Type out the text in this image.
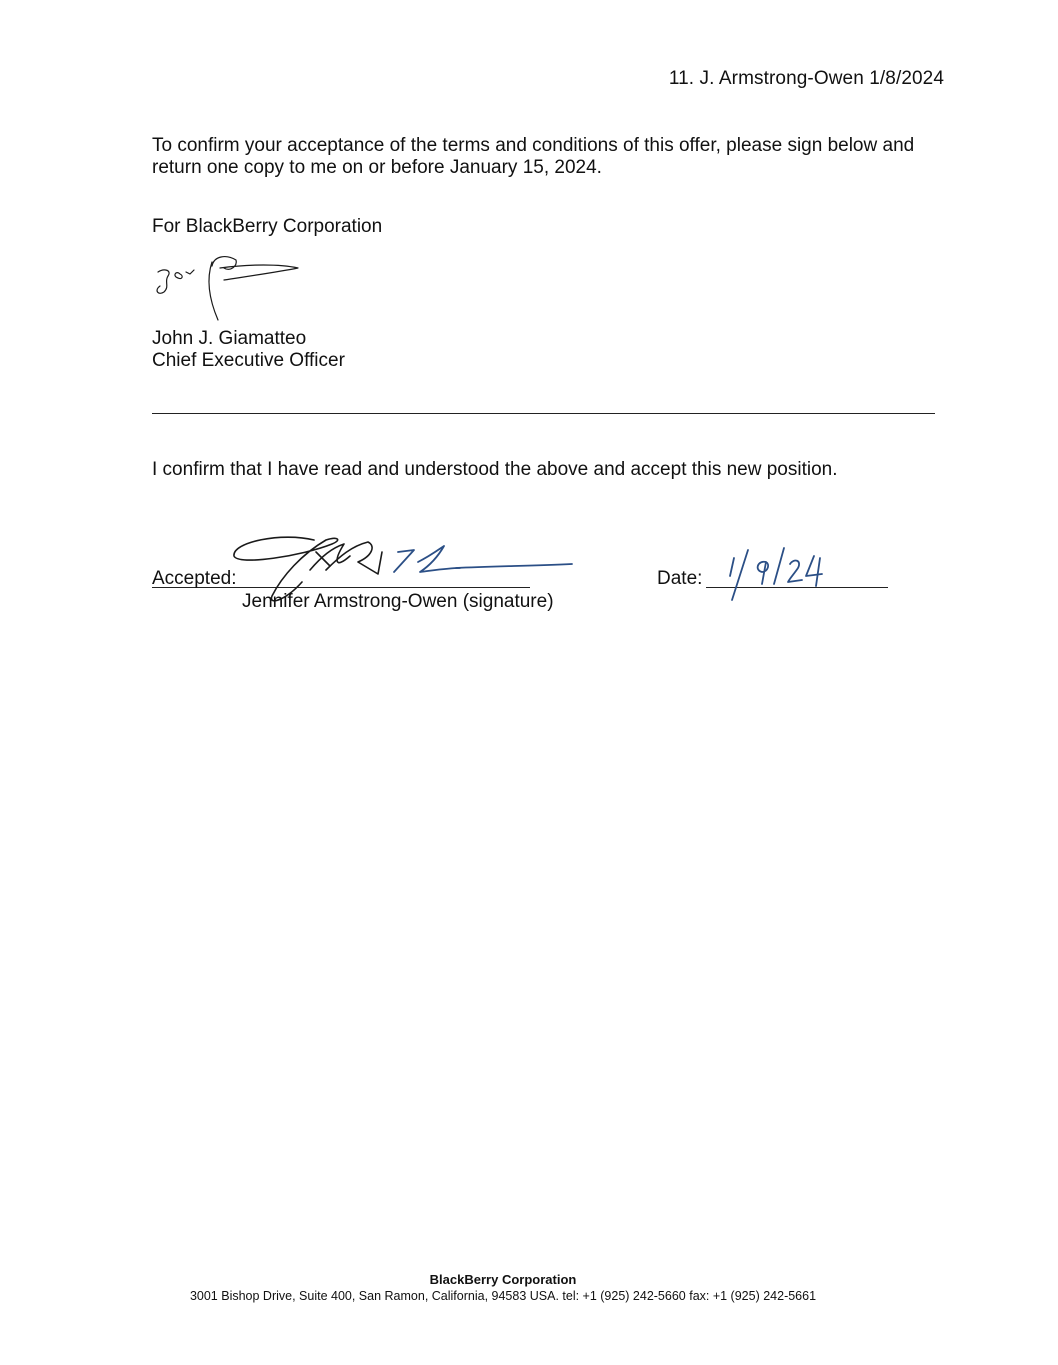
11. J. Armstrong-Owen 1/8/2024
To confirm your acceptance of the terms and conditions of this offer, please sign below and return one copy to me on or before January 15, 2024.
For BlackBerry Corporation
John J. Giamatteo
Chief Executive Officer
I confirm that I have read and understood the above and accept this new position.
Accepted:
Jennifer Armstrong-Owen (signature)
Date:
BlackBerry Corporation
3001 Bishop Drive, Suite 400, San Ramon, California, 94583 USA. tel: +1 (925) 242-5660 fax: +1 (925) 242-5661
